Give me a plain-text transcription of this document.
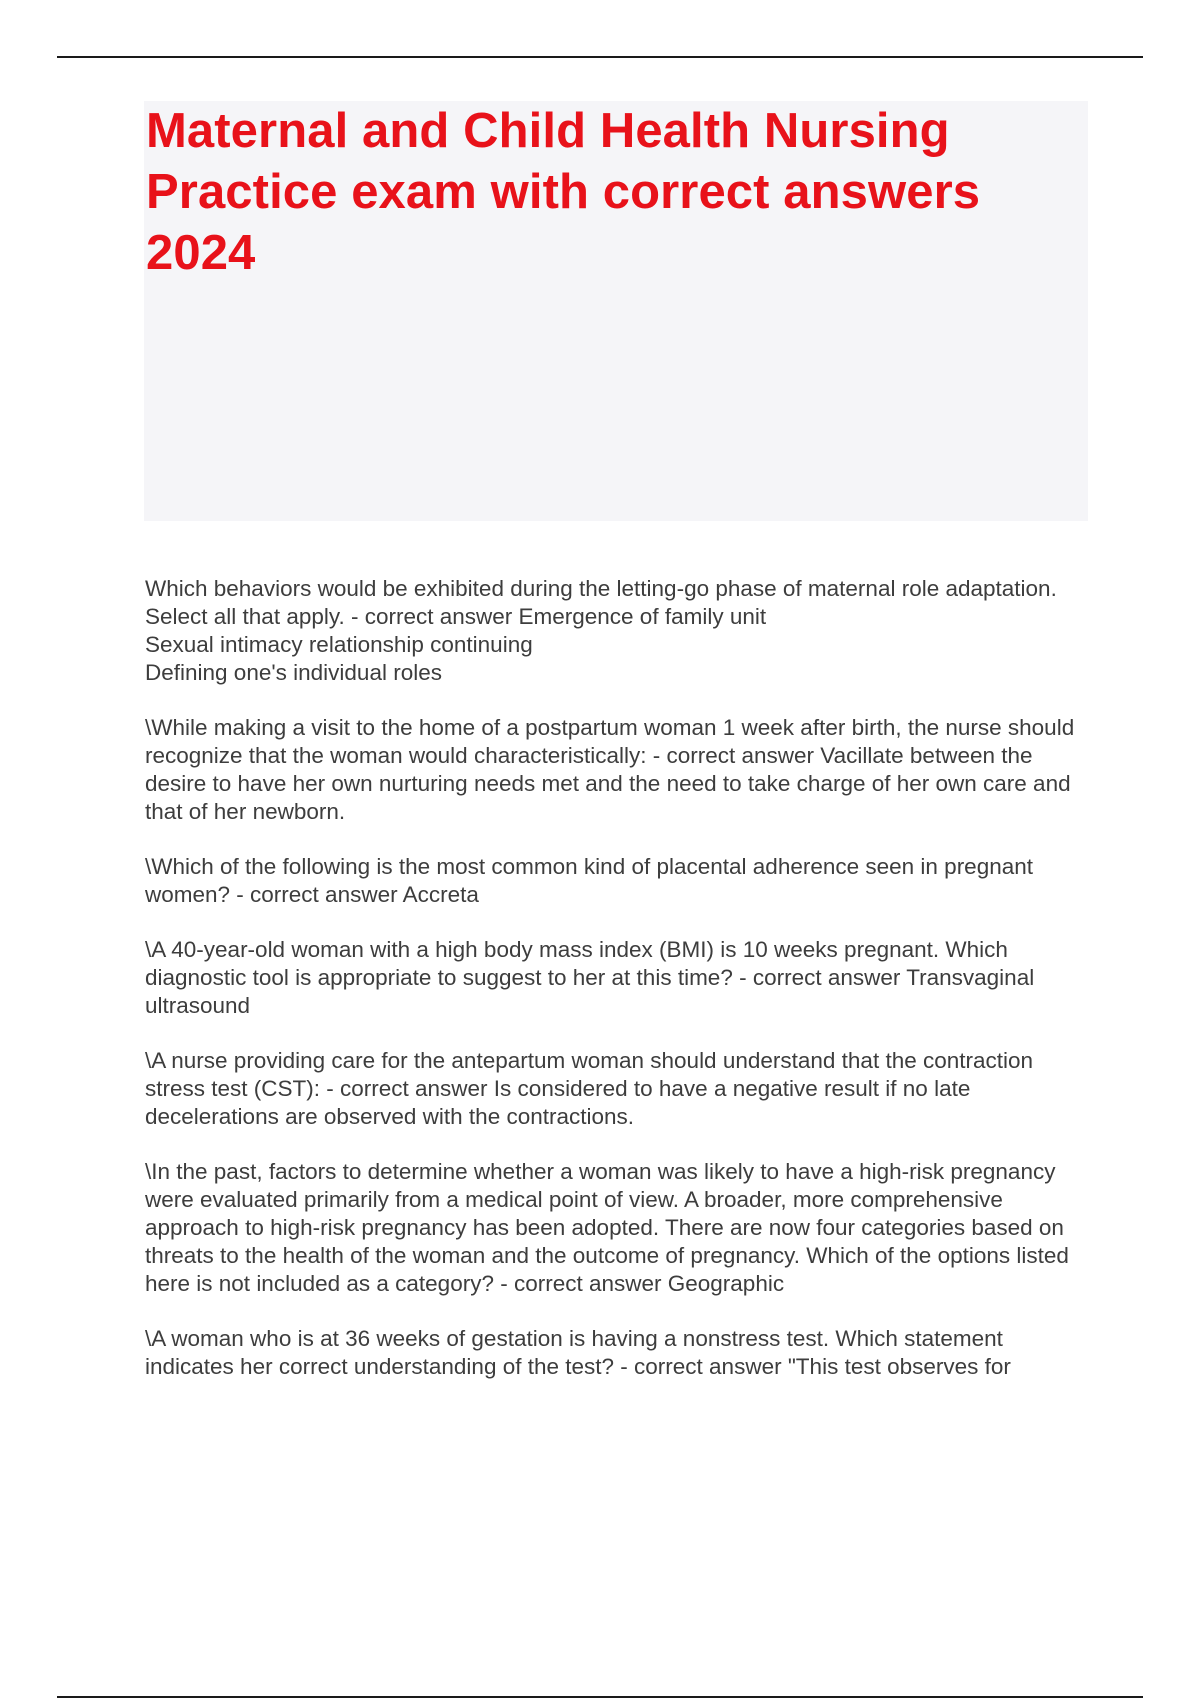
Maternal and Child Health Nursing Practice exam with correct answers 2024

Which behaviors would be exhibited during the letting-go phase of maternal role adaptation. Select all that apply. - correct answer Emergence of family unit
Sexual intimacy relationship continuing
Defining one's individual roles

\While making a visit to the home of a postpartum woman 1 week after birth, the nurse should recognize that the woman would characteristically: - correct answer Vacillate between the desire to have her own nurturing needs met and the need to take charge of her own care and that of her newborn.

\Which of the following is the most common kind of placental adherence seen in pregnant women? - correct answer Accreta

\A 40-year-old woman with a high body mass index (BMI) is 10 weeks pregnant. Which diagnostic tool is appropriate to suggest to her at this time? - correct answer Transvaginal ultrasound

\A nurse providing care for the antepartum woman should understand that the contraction stress test (CST): - correct answer Is considered to have a negative result if no late decelerations are observed with the contractions.

\In the past, factors to determine whether a woman was likely to have a high-risk pregnancy were evaluated primarily from a medical point of view. A broader, more comprehensive approach to high-risk pregnancy has been adopted. There are now four categories based on threats to the health of the woman and the outcome of pregnancy. Which of the options listed here is not included as a category? - correct answer Geographic

\A woman who is at 36 weeks of gestation is having a nonstress test. Which statement indicates her correct understanding of the test? - correct answer "This test observes for
